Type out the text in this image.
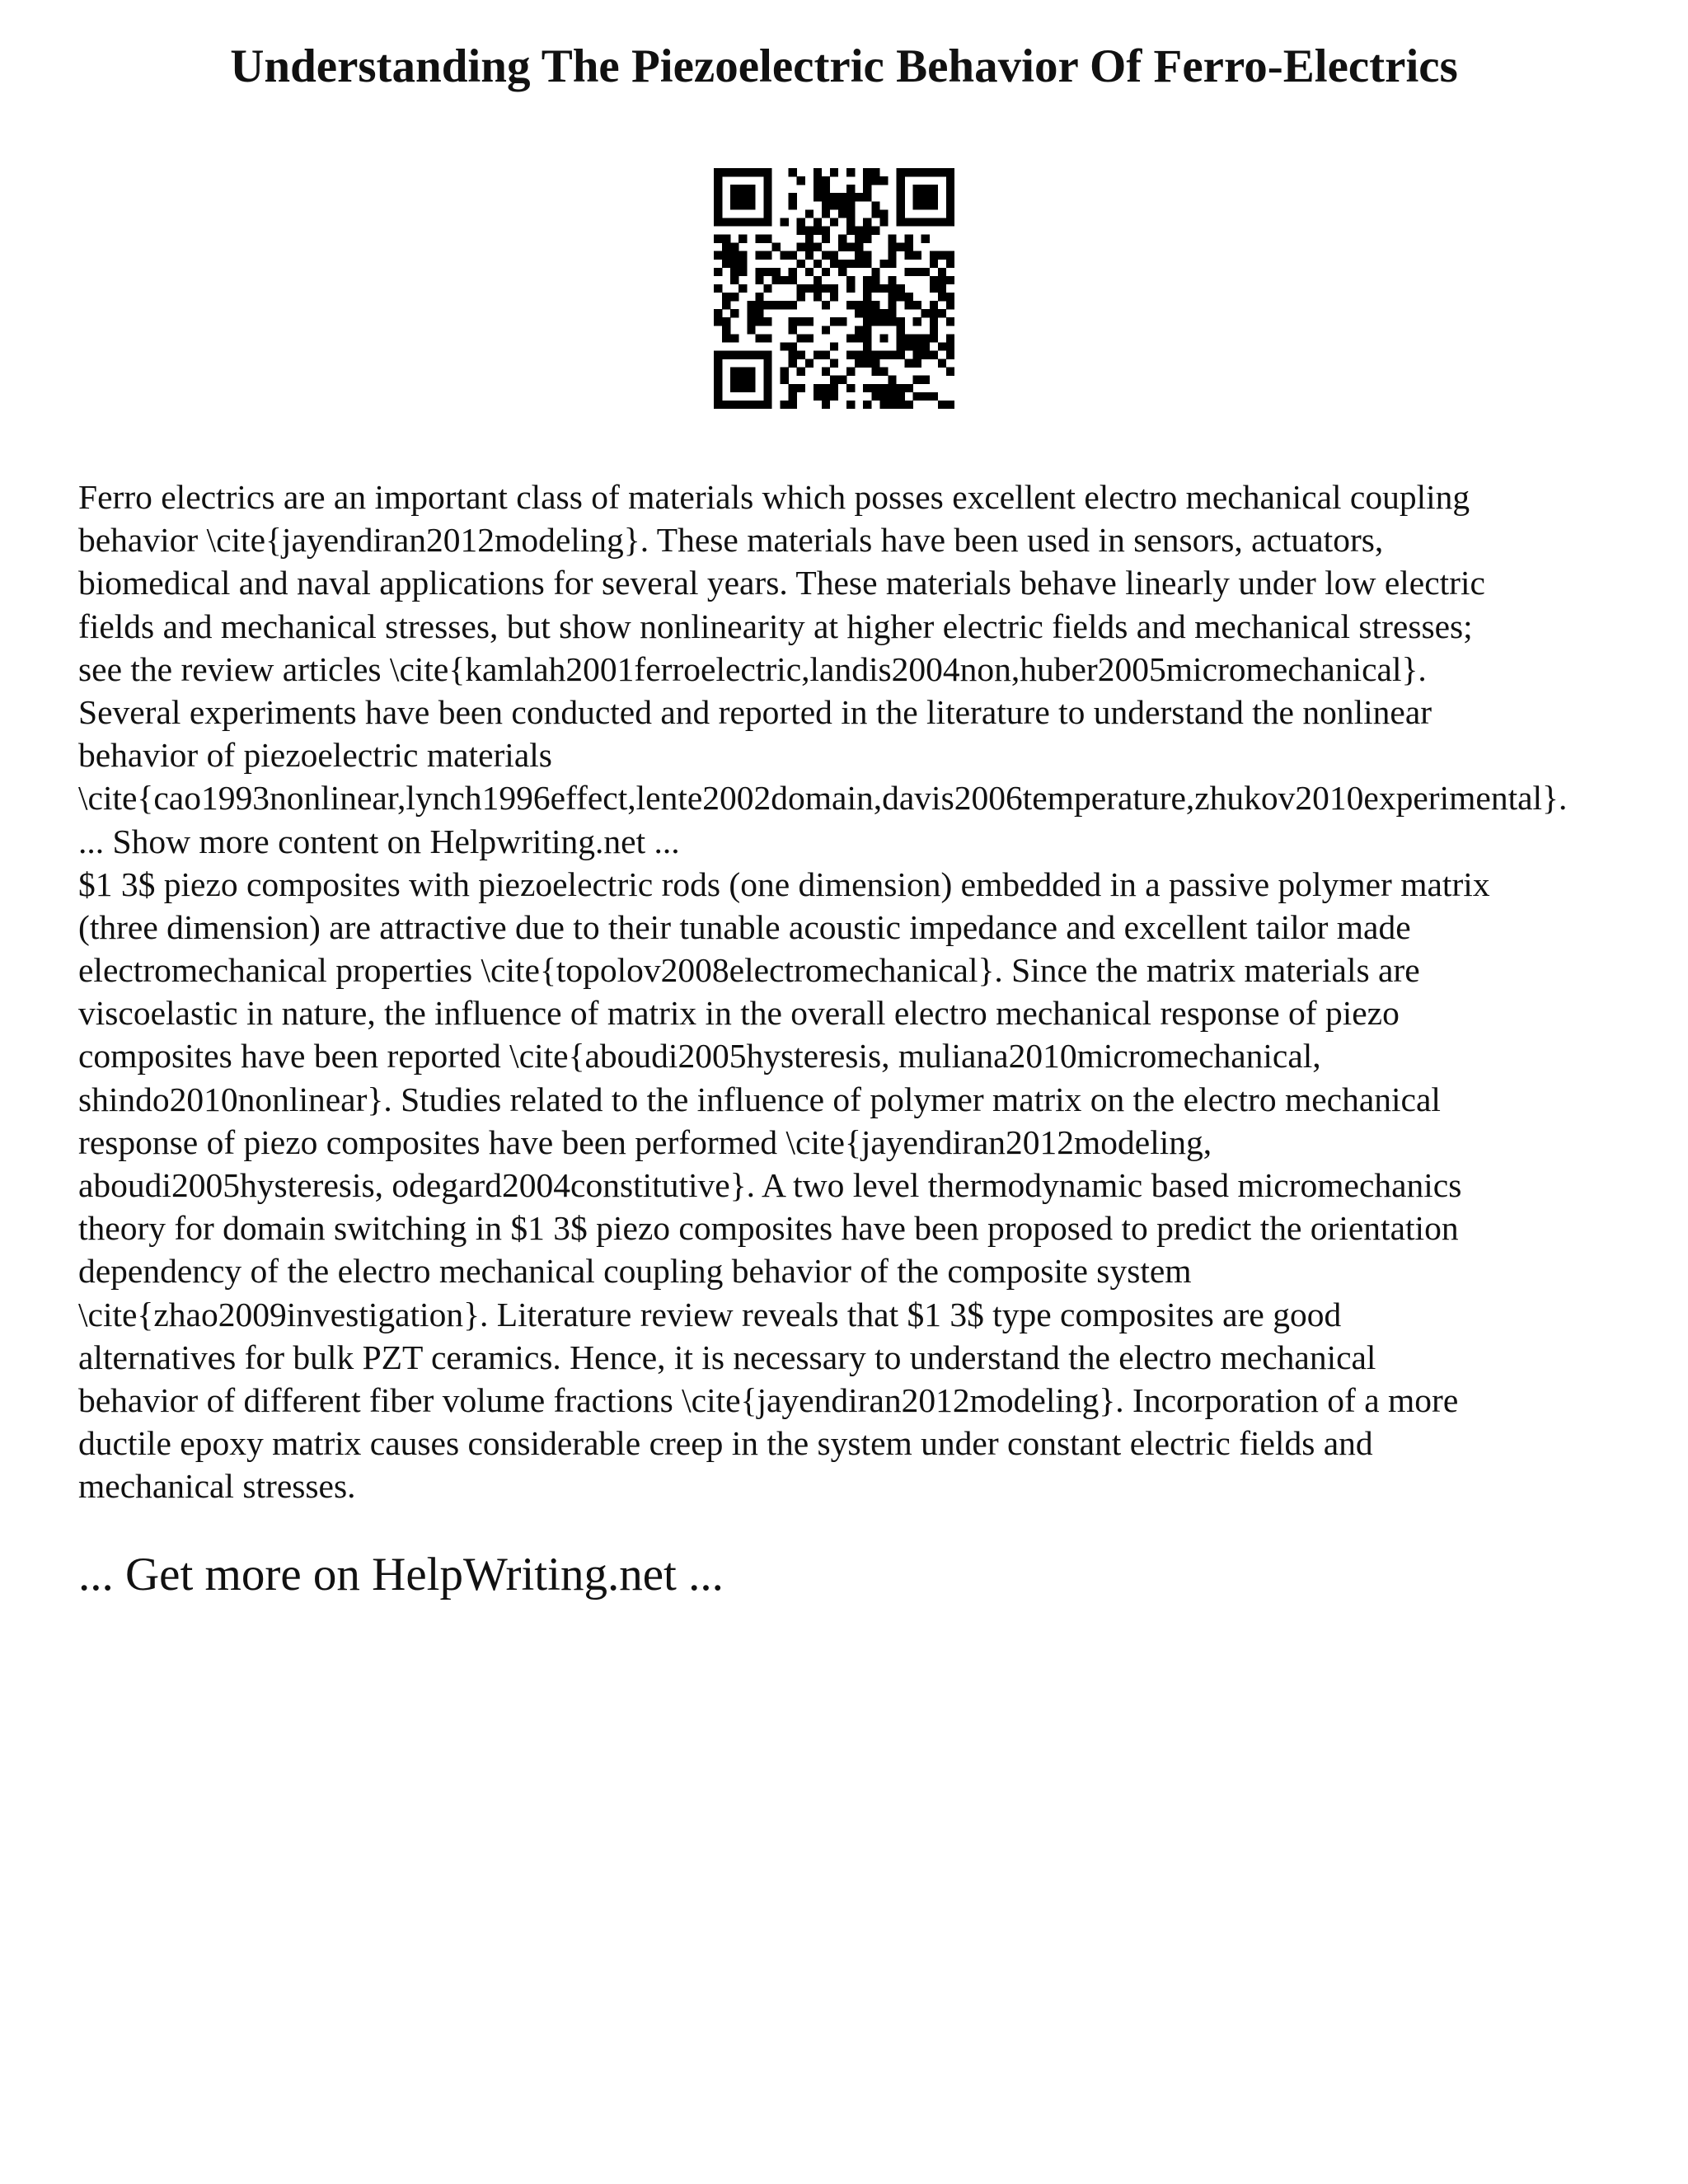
Understanding The Piezoelectric Behavior Of Ferro-Electrics
Ferro electrics are an important class of materials which posses excellent electro mechanical coupling
behavior \cite{jayendiran2012modeling}. These materials have been used in sensors, actuators,
biomedical and naval applications for several years. These materials behave linearly under low electric
fields and mechanical stresses, but show nonlinearity at higher electric fields and mechanical stresses;
see the review articles \cite{kamlah2001ferroelectric,landis2004non,huber2005micromechanical}.
Several experiments have been conducted and reported in the literature to understand the nonlinear
behavior of piezoelectric materials
\cite{cao1993nonlinear,lynch1996effect,lente2002domain,davis2006temperature,zhukov2010experimental}.
... Show more content on Helpwriting.net ...
$1 3$ piezo composites with piezoelectric rods (one dimension) embedded in a passive polymer matrix
(three dimension) are attractive due to their tunable acoustic impedance and excellent tailor made
electromechanical properties \cite{topolov2008electromechanical}. Since the matrix materials are
viscoelastic in nature, the influence of matrix in the overall electro mechanical response of piezo
composites have been reported \cite{aboudi2005hysteresis, muliana2010micromechanical,
shindo2010nonlinear}. Studies related to the influence of polymer matrix on the electro mechanical
response of piezo composites have been performed \cite{jayendiran2012modeling,
aboudi2005hysteresis, odegard2004constitutive}. A two level thermodynamic based micromechanics
theory for domain switching in $1 3$ piezo composites have been proposed to predict the orientation
dependency of the electro mechanical coupling behavior of the composite system
\cite{zhao2009investigation}. Literature review reveals that $1 3$ type composites are good
alternatives for bulk PZT ceramics. Hence, it is necessary to understand the electro mechanical
behavior of different fiber volume fractions \cite{jayendiran2012modeling}. Incorporation of a more
ductile epoxy matrix causes considerable creep in the system under constant electric fields and
mechanical stresses.
... Get more on HelpWriting.net ...
